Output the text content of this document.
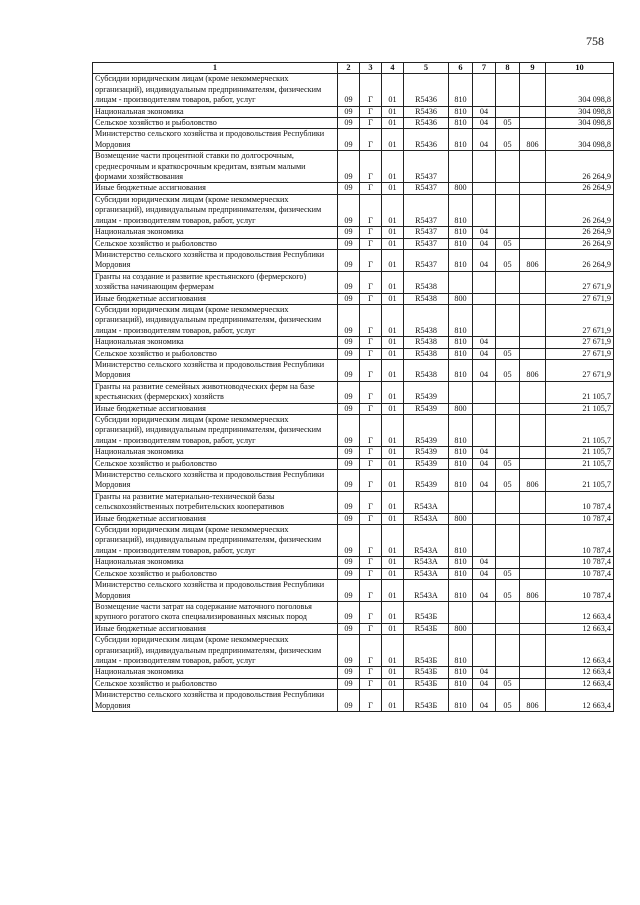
758
1	2	3	4	5	6	7	8	9	10
Субсидии юридическим лицам (кроме некоммерческих организаций), индивидуальным предпринимателям, физическим лицам - производителям товаров, работ, услуг	09	Г	01	R5436	810				304 098,8
Национальная экономика	09	Г	01	R5436	810	04			304 098,8
Сельское хозяйство и рыболовство	09	Г	01	R5436	810	04	05		304 098,8
Министерство сельского хозяйства и продовольствия Республики Мордовия	09	Г	01	R5436	810	04	05	806	304 098,8
Возмещение части процентной ставки по долгосрочным, среднесрочным и краткосрочным кредитам, взятым малыми формами хозяйствования	09	Г	01	R5437					26 264,9
Иные бюджетные ассигнования	09	Г	01	R5437	800				26 264,9
Субсидии юридическим лицам (кроме некоммерческих организаций), индивидуальным предпринимателям, физическим лицам - производителям товаров, работ, услуг	09	Г	01	R5437	810				26 264,9
Национальная экономика	09	Г	01	R5437	810	04			26 264,9
Сельское хозяйство и рыболовство	09	Г	01	R5437	810	04	05		26 264,9
Министерство сельского хозяйства и продовольствия Республики Мордовия	09	Г	01	R5437	810	04	05	806	26 264,9
Гранты на создание и развитие крестьянского (фермерского) хозяйства начинающим фермерам	09	Г	01	R5438					27 671,9
Иные бюджетные ассигнования	09	Г	01	R5438	800				27 671,9
Субсидии юридическим лицам (кроме некоммерческих организаций), индивидуальным предпринимателям, физическим лицам - производителям товаров, работ, услуг	09	Г	01	R5438	810				27 671,9
Национальная экономика	09	Г	01	R5438	810	04			27 671,9
Сельское хозяйство и рыболовство	09	Г	01	R5438	810	04	05		27 671,9
Министерство сельского хозяйства и продовольствия Республики Мордовия	09	Г	01	R5438	810	04	05	806	27 671,9
Гранты на развитие семейных животноводческих ферм на базе крестьянских (фермерских) хозяйств	09	Г	01	R5439					21 105,7
Иные бюджетные ассигнования	09	Г	01	R5439	800				21 105,7
Субсидии юридическим лицам (кроме некоммерческих организаций), индивидуальным предпринимателям, физическим лицам - производителям товаров, работ, услуг	09	Г	01	R5439	810				21 105,7
Национальная экономика	09	Г	01	R5439	810	04			21 105,7
Сельское хозяйство и рыболовство	09	Г	01	R5439	810	04	05		21 105,7
Министерство сельского хозяйства и продовольствия Республики Мордовия	09	Г	01	R5439	810	04	05	806	21 105,7
Гранты на развитие материально-технической базы сельскохозяйственных потребительских кооперативов	09	Г	01	R543А					10 787,4
Иные бюджетные ассигнования	09	Г	01	R543А	800				10 787,4
Субсидии юридическим лицам (кроме некоммерческих организаций), индивидуальным предпринимателям, физическим лицам - производителям товаров, работ, услуг	09	Г	01	R543А	810				10 787,4
Национальная экономика	09	Г	01	R543А	810	04			10 787,4
Сельское хозяйство и рыболовство	09	Г	01	R543А	810	04	05		10 787,4
Министерство сельского хозяйства и продовольствия Республики Мордовия	09	Г	01	R543А	810	04	05	806	10 787,4
Возмещение части затрат на содержание маточного поголовья крупного рогатого скота специализированных мясных пород	09	Г	01	R543Б					12 663,4
Иные бюджетные ассигнования	09	Г	01	R543Б	800				12 663,4
Субсидии юридическим лицам (кроме некоммерческих организаций), индивидуальным предпринимателям, физическим лицам - производителям товаров, работ, услуг	09	Г	01	R543Б	810				12 663,4
Национальная экономика	09	Г	01	R543Б	810	04			12 663,4
Сельское хозяйство и рыболовство	09	Г	01	R543Б	810	04	05		12 663,4
Министерство сельского хозяйства и продовольствия Республики Мордовия	09	Г	01	R543Б	810	04	05	806	12 663,4
